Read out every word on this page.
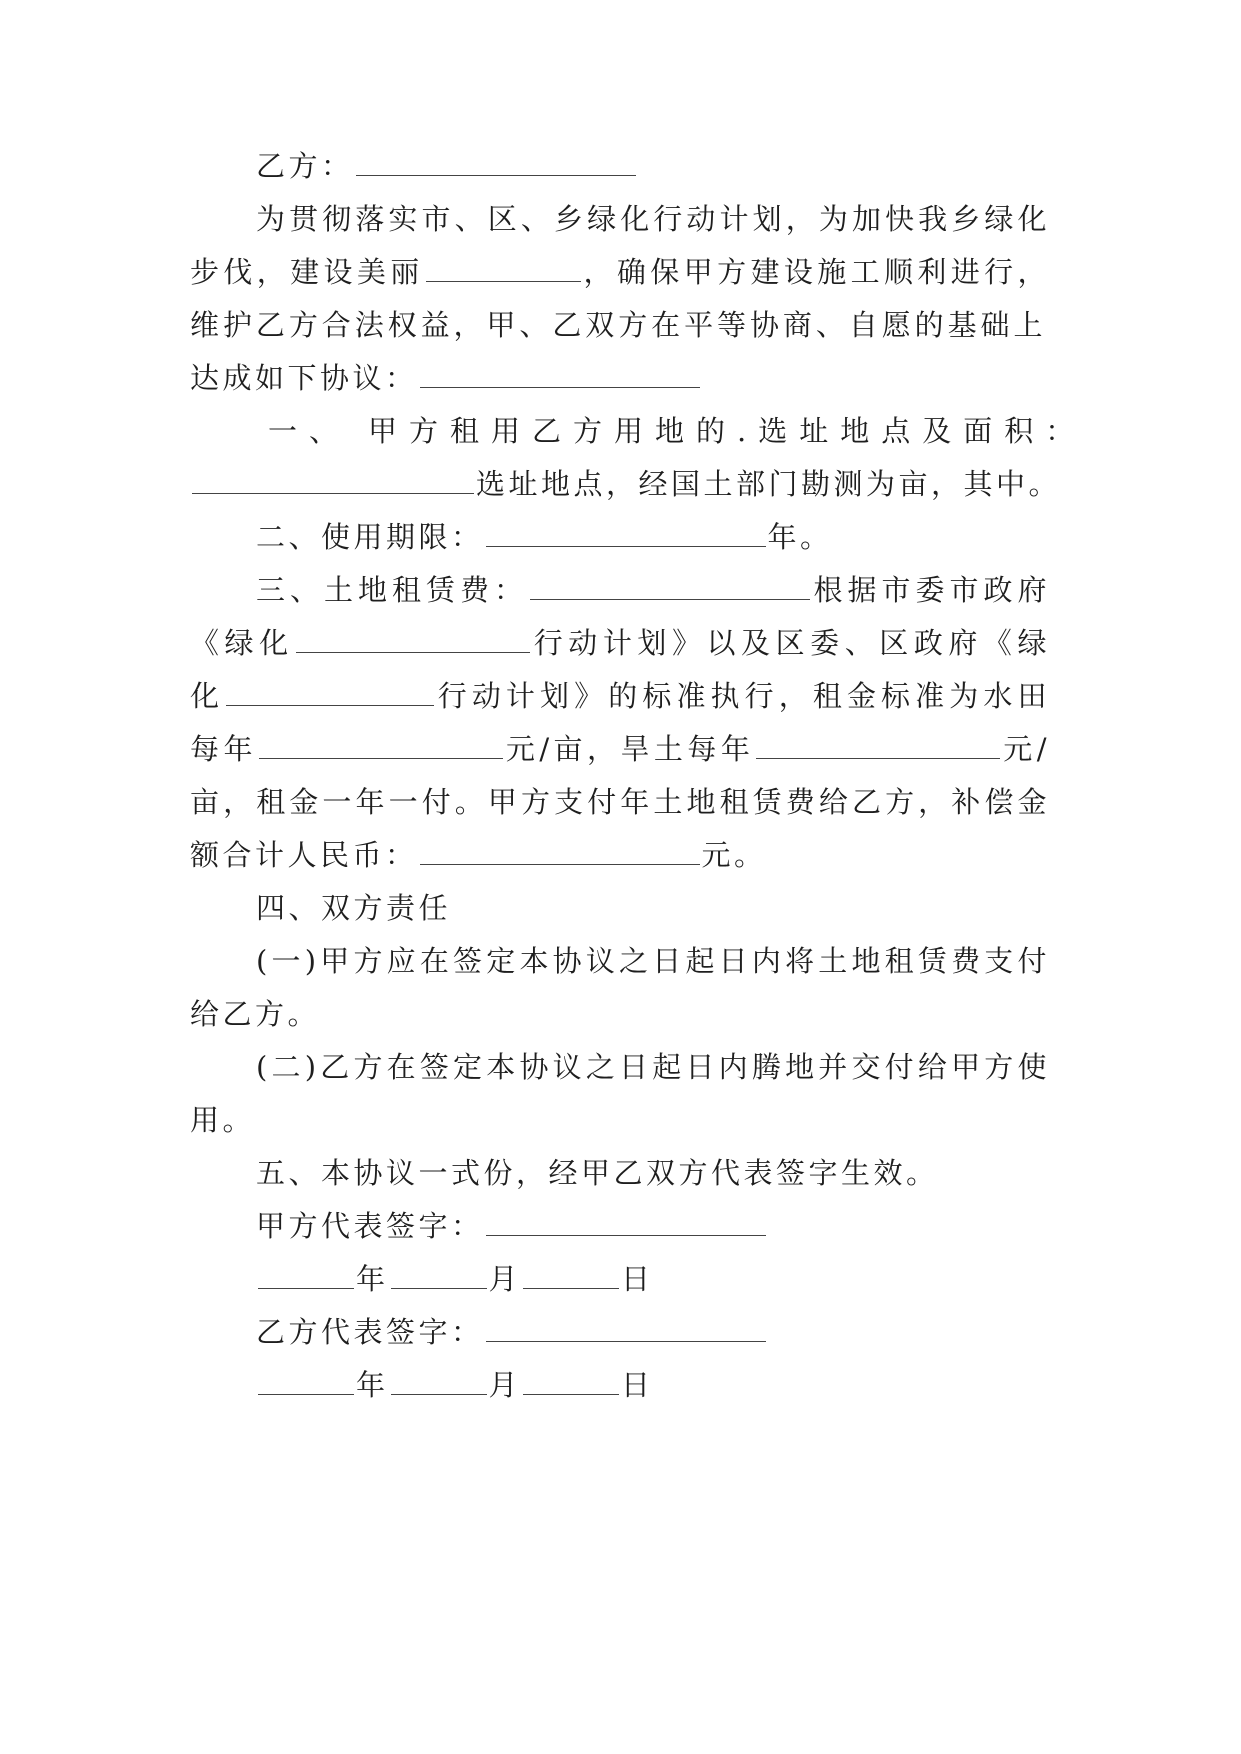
乙方：
为贯彻落实市、区、乡绿化行动计划，为加快我乡绿化
步伐，建设美丽	，确保甲方建设施工顺利进行，
维护乙方合法权益，甲、乙双方在平等协商、自愿的基础上
达成如下协议：
一、 甲方租用乙方用地的.选址地点及面积：
选址地点，经国土部门勘测为亩，其中。
二、使用期限：	年。
三、土地租赁费：	根据市委市政府
《绿化	行动计划》以及区委、区政府《绿
化	行动计划》的标准执行，租金标准为水田
每年	元/亩，旱土每年	元/
亩，租金一年一付。甲方支付年土地租赁费给乙方，补偿金
额合计人民币：	元。
四、双方责任
(一)甲方应在签定本协议之日起日内将土地租赁费支付
给乙方。
(二)乙方在签定本协议之日起日内腾地并交付给甲方使
用。
五、本协议一式份，经甲乙双方代表签字生效。
甲方代表签字：
年	月	日
乙方代表签字：
年	月	日
